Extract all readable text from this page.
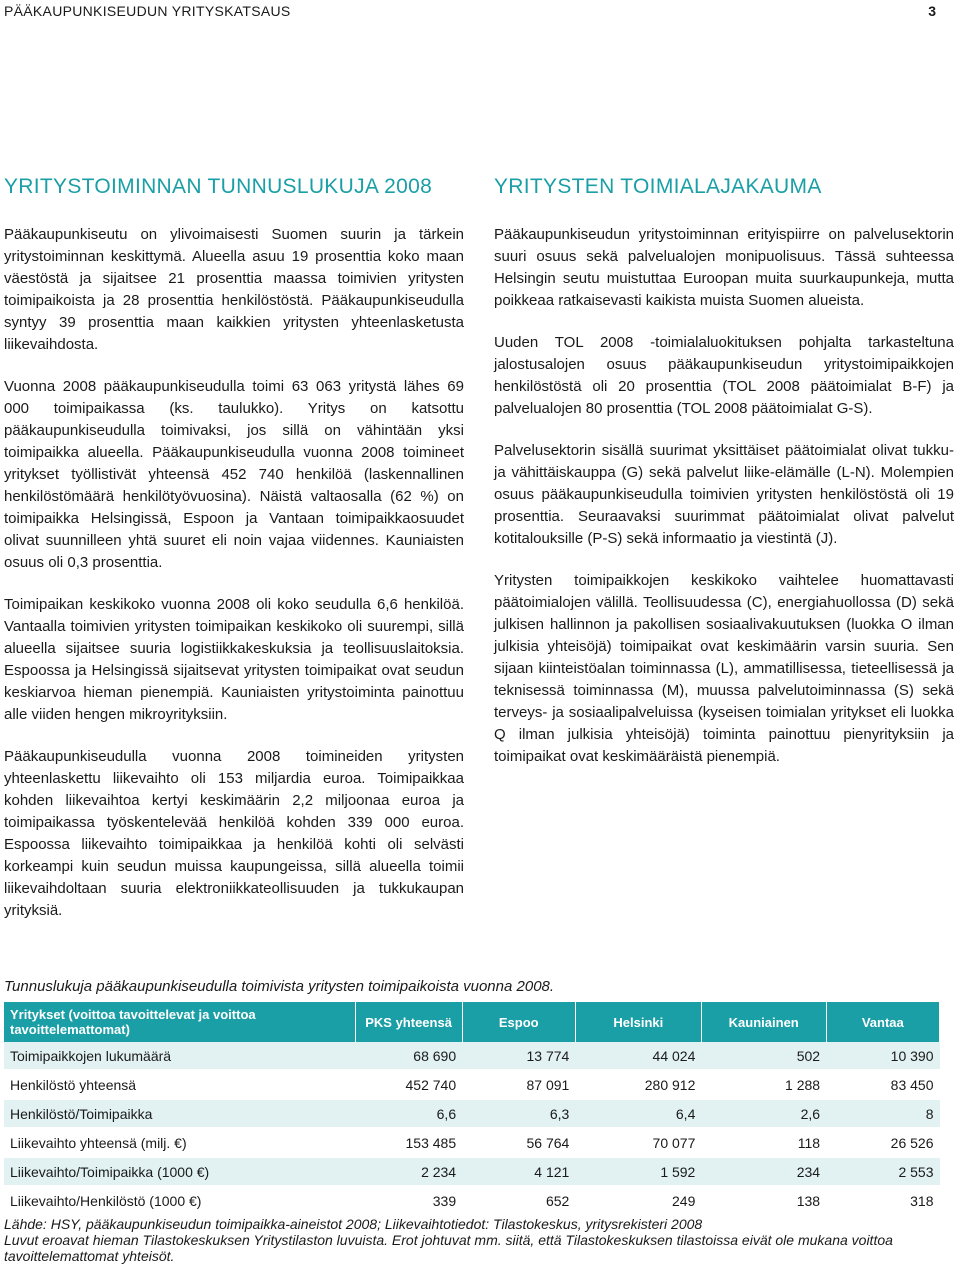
PÄÄKAUPUNKISEUDUN YRITYSKATSAUS	3
YRITYSTOIMINNAN TUNNUSLUKUJA 2008

Pääkaupunkiseutu on ylivoimaisesti Suomen suurin ja tärkein yritystoiminnan keskittymä. Alueella asuu 19 prosenttia koko maan väestöstä ja sijaitsee 21 prosenttia maassa toimivien yritysten toimipaikoista ja 28 prosenttia henkilöstöstä. Pääkaupunkiseudulla syntyy 39 prosenttia maan kaikkien yritysten yhteenlasketusta liikevaihdosta.

Vuonna 2008 pääkaupunkiseudulla toimi 63 063 yritystä lähes 69 000 toimipaikassa (ks. taulukko). Yritys on katsottu pääkaupunkiseudulla toimivaksi, jos sillä on vähintään yksi toimipaikka alueella. Pääkaupunkiseudulla vuonna 2008 toimineet yritykset työllistivät yhteensä 452 740 henkilöä (laskennallinen henkilöstömäärä henkilötyövuosina). Näistä valtaosalla (62 %) on toimipaikka Helsingissä, Espoon ja Vantaan toimipaikkaosuudet olivat suunnilleen yhtä suuret eli noin vajaa viidennes. Kauniaisten osuus oli 0,3 prosenttia.

Toimipaikan keskikoko vuonna 2008 oli koko seudulla 6,6 henkilöä. Vantaalla toimivien yritysten toimipaikan keskikoko oli suurempi, sillä alueella sijaitsee suuria logistiikkakeskuksia ja teollisuuslaitoksia. Espoossa ja Helsingissä sijaitsevat yritysten toimipaikat ovat seudun keskiarvoa hieman pienempiä. Kauniaisten yritystoiminta painottuu alle viiden hengen mikroyrityksiin.

Pääkaupunkiseudulla vuonna 2008 toimineiden yritysten yhteenlaskettu liikevaihto oli 153 miljardia euroa. Toimipaikkaa kohden liikevaihtoa kertyi keskimäärin 2,2 miljoonaa euroa ja toimipaikassa työskentelevää henkilöä kohden 339 000 euroa. Espoossa liikevaihto toimipaikkaa ja henkilöä kohti oli selvästi korkeampi kuin seudun muissa kaupungeissa, sillä alueella toimii liikevaihdoltaan suuria elektroniikkateollisuuden ja tukkukaupan yrityksiä.

YRITYSTEN TOIMIALAJAKAUMA

Pääkaupunkiseudun yritystoiminnan erityispiirre on palvelusektorin suuri osuus sekä palvelualojen monipuolisuus. Tässä suhteessa Helsingin seutu muistuttaa Euroopan muita suurkaupunkeja, mutta poikkeaa ratkaisevasti kaikista muista Suomen alueista.

Uuden TOL 2008 -toimialaluokituksen pohjalta tarkasteltuna jalostusalojen osuus pääkaupunkiseudun yritystoimipaikkojen henkilöstöstä oli 20 prosenttia (TOL 2008 päätoimialat B-F) ja palvelualojen 80 prosenttia (TOL 2008 päätoimialat G-S).

Palvelusektorin sisällä suurimat yksittäiset päätoimialat olivat tukku- ja vähittäiskauppa (G) sekä palvelut liike-elämälle (L-N). Molempien osuus pääkaupunkiseudulla toimivien yritysten henkilöstöstä oli 19 prosenttia. Seuraavaksi suurimmat päätoimialat olivat palvelut kotitalouksille (P-S) sekä informaatio ja viestintä (J).

Yritysten toimipaikkojen keskikoko vaihtelee huomattavasti päätoimialojen välillä. Teollisuudessa (C), energiahuollossa (D) sekä julkisen hallinnon ja pakollisen sosiaalivakuutuksen (luokka O ilman julkisia yhteisöjä) toimipaikat ovat keskimäärin varsin suuria. Sen sijaan kiinteistöalan toiminnassa (L), ammatillisessa, tieteellisessä ja teknisessä toiminnassa (M), muussa palvelutoiminnassa (S) sekä terveys- ja sosiaalipalveluissa (kyseisen toimialan yritykset eli luokka Q ilman julkisia yhteisöjä) toiminta painottuu pienyrityksiin ja toimipaikat ovat keskimääräistä pienempiä.

Tunnuslukuja pääkaupunkiseudulla toimivista yritysten toimipaikoista vuonna 2008.
Yritykset (voittoa tavoittelevat ja voittoa tavoittelemattomat)	PKS yhteensä	Espoo	Helsinki	Kauniainen	Vantaa
Toimipaikkojen lukumäärä	68 690	13 774	44 024	502	10 390
Henkilöstö yhteensä	452 740	87 091	280 912	1 288	83 450
Henkilöstö/Toimipaikka	6,6	6,3	6,4	2,6	8
Liikevaihto yhteensä (milj. €)	153 485	56 764	70 077	118	26 526
Liikevaihto/Toimipaikka (1000 €)	2 234	4 121	1 592	234	2 553
Liikevaihto/Henkilöstö (1000 €)	339	652	249	138	318

Lähde: HSY, pääkaupunkiseudun toimipaikka-aineistot 2008; Liikevaihtotiedot: Tilastokeskus, yritysrekisteri 2008

Luvut eroavat hieman Tilastokeskuksen Yritystilaston luvuista. Erot johtuvat mm. siitä, että Tilastokeskuksen tilastoissa eivät ole mukana voittoa tavoittelemattomat yhteisöt.
